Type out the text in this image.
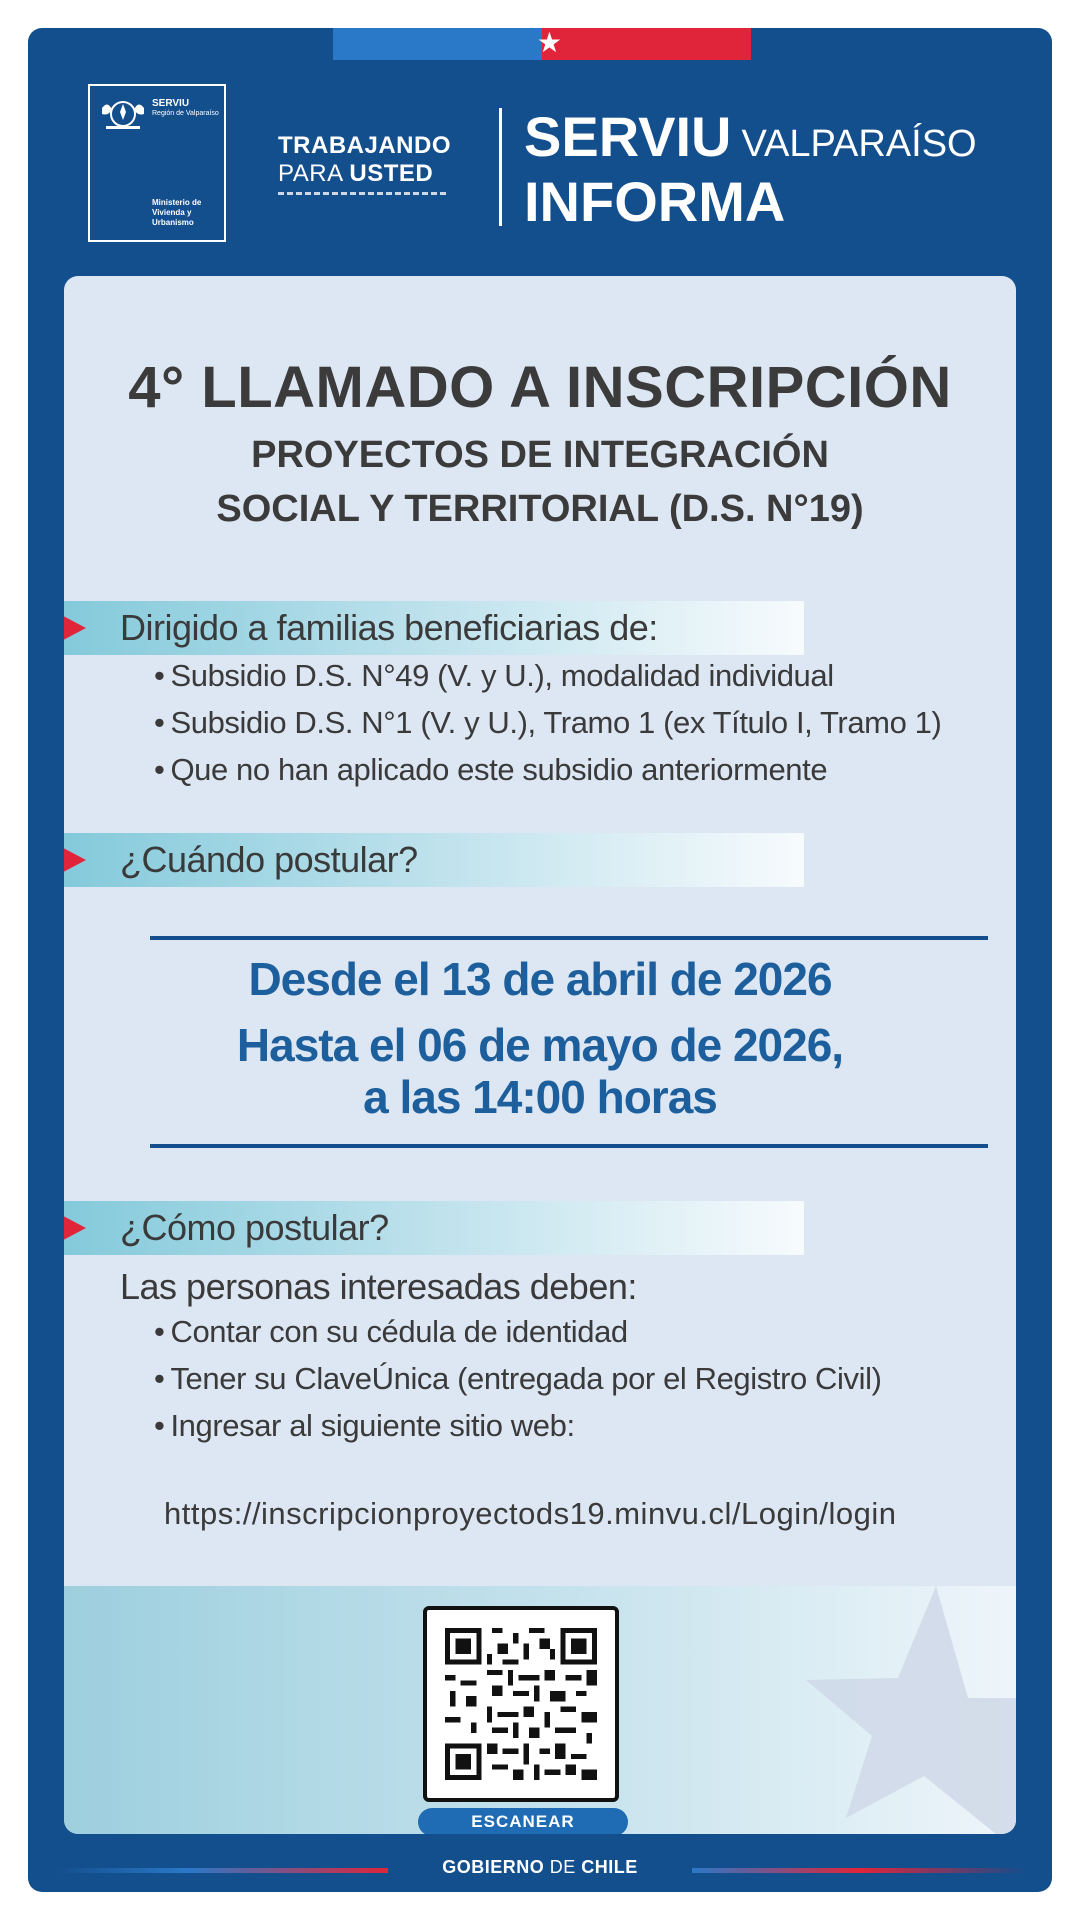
★
SERVIU
Región de Valparaíso
Ministerio de Vivienda y Urbanismo
TRABAJANDO
PARA USTED
SERVIU VALPARAÍSO
INFORMA
4° LLAMADO A INSCRIPCIÓN
PROYECTOS DE INTEGRACIÓN
SOCIAL Y TERRITORIAL (D.S. N°19)
Dirigido a familias beneficiarias de:
• Subsidio D.S. N°49 (V. y U.), modalidad individual
• Subsidio D.S. N°1 (V. y U.), Tramo 1 (ex Título I, Tramo 1)
• Que no han aplicado este subsidio anteriormente
¿Cuándo postular?
Desde el 13 de abril de 2026
Hasta el 06 de mayo de 2026,
a las 14:00 horas
¿Cómo postular?
Las personas interesadas deben:
• Contar con su cédula de identidad
• Tener su ClaveÚnica (entregada por el Registro Civil)
• Ingresar al siguiente sitio web:
https://inscripcionproyectods19.minvu.cl/Login/login
ESCANEAR
GOBIERNO DE CHILE
